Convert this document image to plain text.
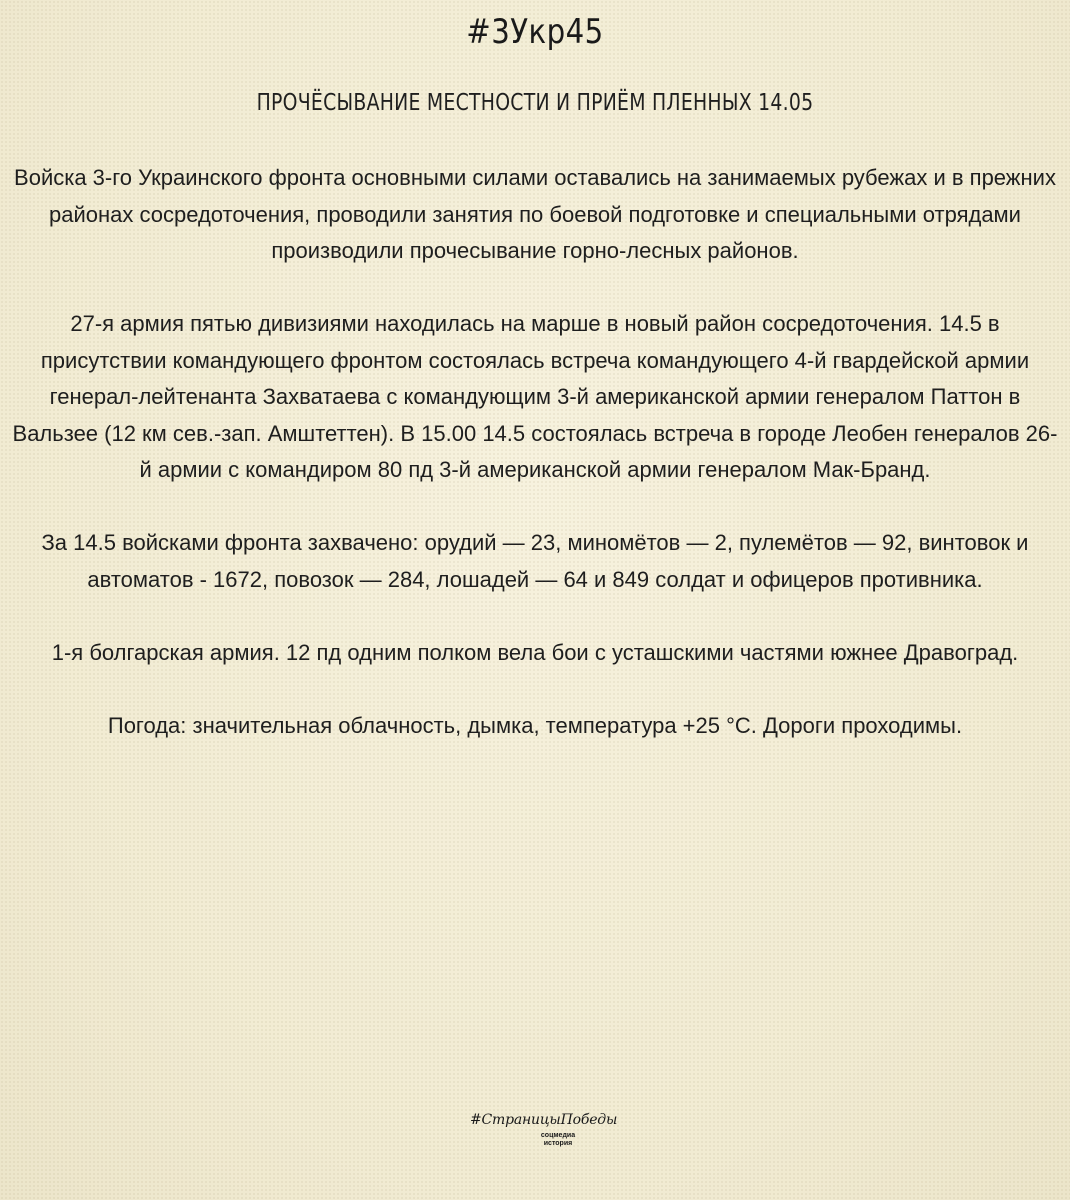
#3Укр45
ПРОЧЁСЫВАНИЕ МЕСТНОСТИ И ПРИЁМ ПЛЕННЫХ 14.05

Войска 3-го Украинского фронта основными силами оставались на занимаемых рубежах и в прежних районах сосредоточения, проводили занятия по боевой подготовке и специальными отрядами производили прочесывание горно-лесных районов.

27-я армия пятью дивизиями находилась на марше в новый район сосредоточения. 14.5 в присутствии командующего фронтом состоялась встреча командующего 4-й гвардейской армии генерал-лейтенанта Захватаева с командующим 3-й американской армии генералом Паттон в Вальзее (12 км сев.-зап. Амштеттен). В 15.00 14.5 состоялась встреча в городе Леобен генералов 26-й армии с командиром 80 пд 3-й американской армии генералом Мак-Бранд.

За 14.5 войсками фронта захвачено: орудий — 23, миномётов — 2, пулемётов — 92, винтовок и автоматов - 1672, повозок — 284, лошадей — 64 и 849 солдат и офицеров противника.

1-я болгарская армия. 12 пд одним полком вела бои с усташскими частями южнее Дравоград.

Погода: значительная облачность, дымка, температура +25 °С. Дороги проходимы.

#СтраницыПобеды
соцмедиа
история
